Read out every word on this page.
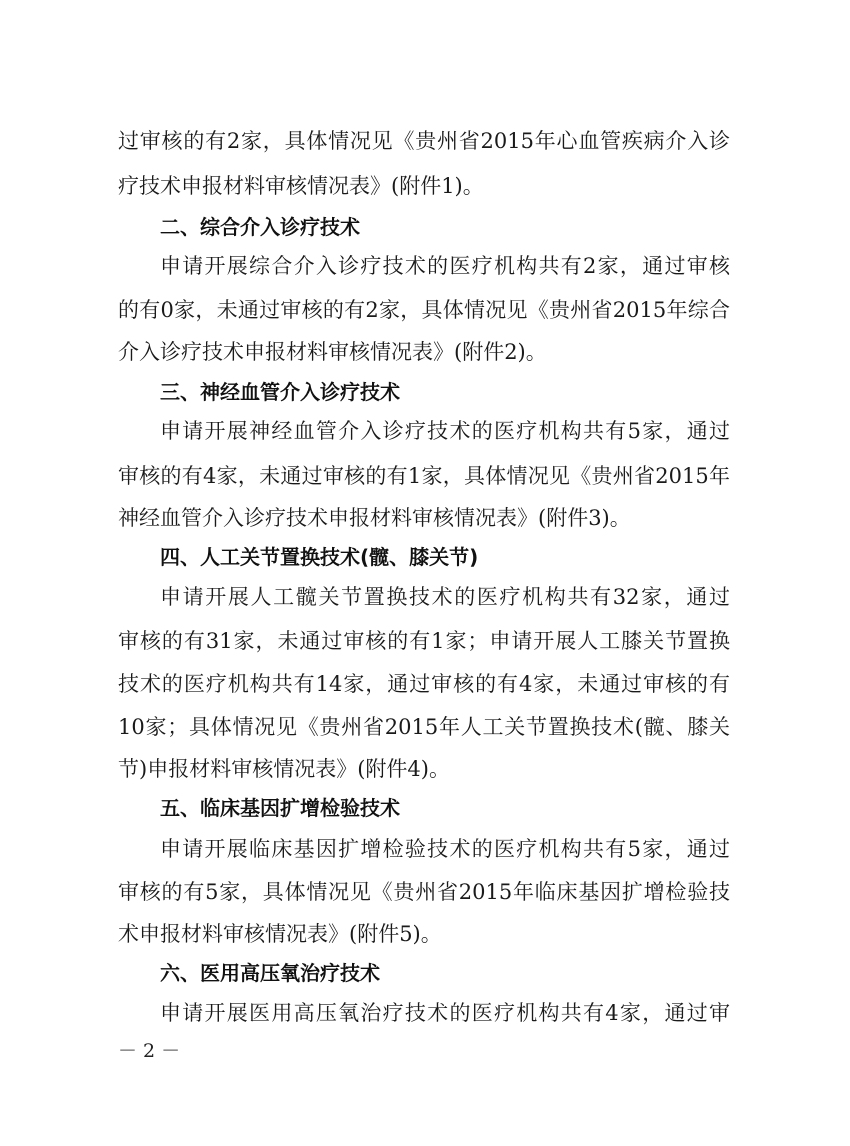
过审核的有2家，具体情况见《贵州省2015年心血管疾病介入诊
疗技术申报材料审核情况表》(附件1)。
二、综合介入诊疗技术
申请开展综合介入诊疗技术的医疗机构共有2家，通过审核
的有0家，未通过审核的有2家，具体情况见《贵州省2015年综合
介入诊疗技术申报材料审核情况表》(附件2)。
三、神经血管介入诊疗技术
申请开展神经血管介入诊疗技术的医疗机构共有5家，通过
审核的有4家，未通过审核的有1家，具体情况见《贵州省2015年
神经血管介入诊疗技术申报材料审核情况表》(附件3)。
四、人工关节置换技术(髋、膝关节)
申请开展人工髋关节置换技术的医疗机构共有32家，通过
审核的有31家，未通过审核的有1家；申请开展人工膝关节置换
技术的医疗机构共有14家，通过审核的有4家，未通过审核的有
10家；具体情况见《贵州省2015年人工关节置换技术(髋、膝关
节)申报材料审核情况表》(附件4)。
五、临床基因扩增检验技术
申请开展临床基因扩增检验技术的医疗机构共有5家，通过
审核的有5家，具体情况见《贵州省2015年临床基因扩增检验技
术申报材料审核情况表》(附件5)。
六、医用高压氧治疗技术
申请开展医用高压氧治疗技术的医疗机构共有4家，通过审
－ 2 －
